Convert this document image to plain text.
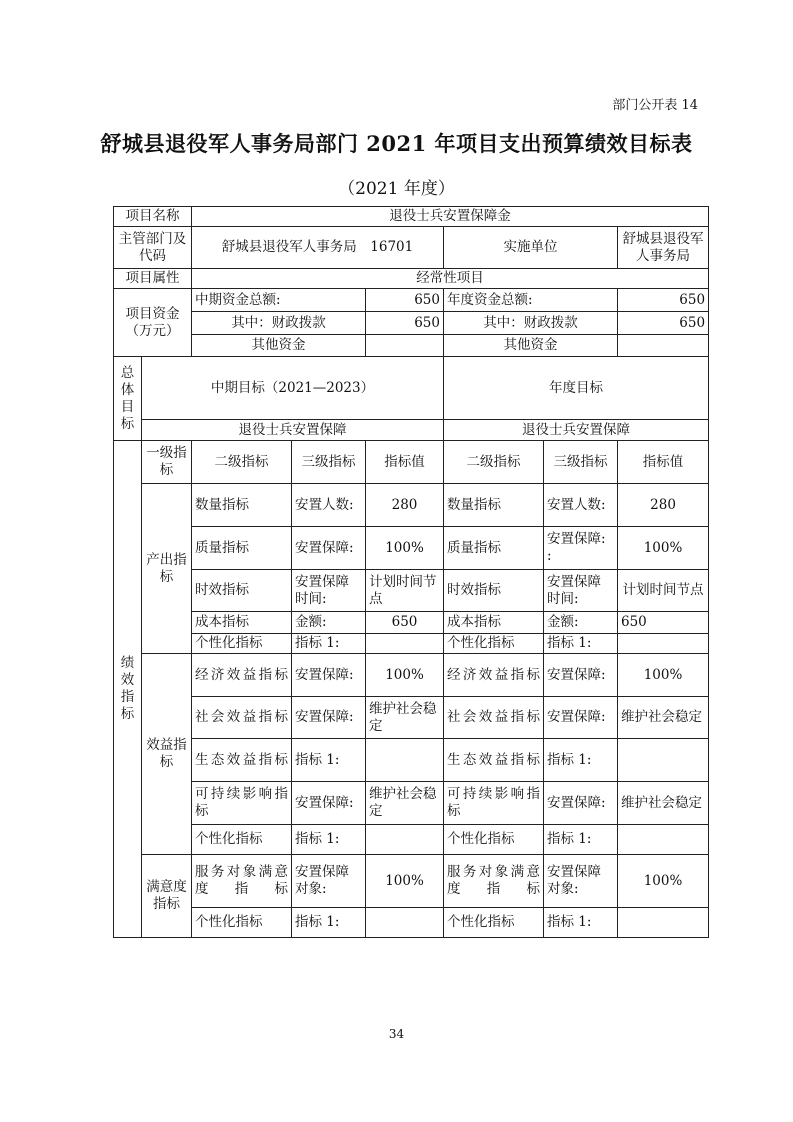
部门公开表 14
舒城县退役军人事务局部门 2021 年项目支出预算绩效目标表
（2021 年度）
项目名称		退役士兵安置保障金					
主管部门及代码		舒城县退役军人事务局　16701			实施单位		舒城县退役军人事务局
项目属性		经常性项目					
项目资金（万元）		中期资金总额:		650	年度资金总额:		650
		其中：财政拨款		650	其中：财政拨款		650
		其他资金			其他资金		
总体目标	中期目标（2021—2023）				年度目标		
	退役士兵安置保障				退役士兵安置保障		
绩效指标	一级指标	二级指标	三级指标	指标值	二级指标	三级指标	指标值
	产出指标	数量指标	安置人数:	280	数量指标	安置人数:	280
		质量指标	安置保障:	100%	质量指标	安置保障:　:	100%
		时效指标	安置保障时间:	计划时间节点	时效指标	安置保障时间:	计划时间节点
		成本指标	金额:	650	成本指标	金额:	650
		个性化指标	指标 1:		个性化指标	指标 1:	
	效益指标	经济效益指标	安置保障:	100%	经济效益指标	安置保障:	100%
		社会效益指标	安置保障:	维护社会稳定	社会效益指标	安置保障:	维护社会稳定
		生态效益指标	指标 1:		生态效益指标	指标 1:	
		可持续影响指标	安置保障:	维护社会稳定	可持续影响指标	安置保障:	维护社会稳定
		个性化指标	指标 1:		个性化指标	指标 1:	
	满意度指标	服务对象满意度指标	安置保障对象:	100%	服务对象满意度指标	安置保障对象:	100%
		个性化指标	指标 1:		个性化指标	指标 1:	
34
